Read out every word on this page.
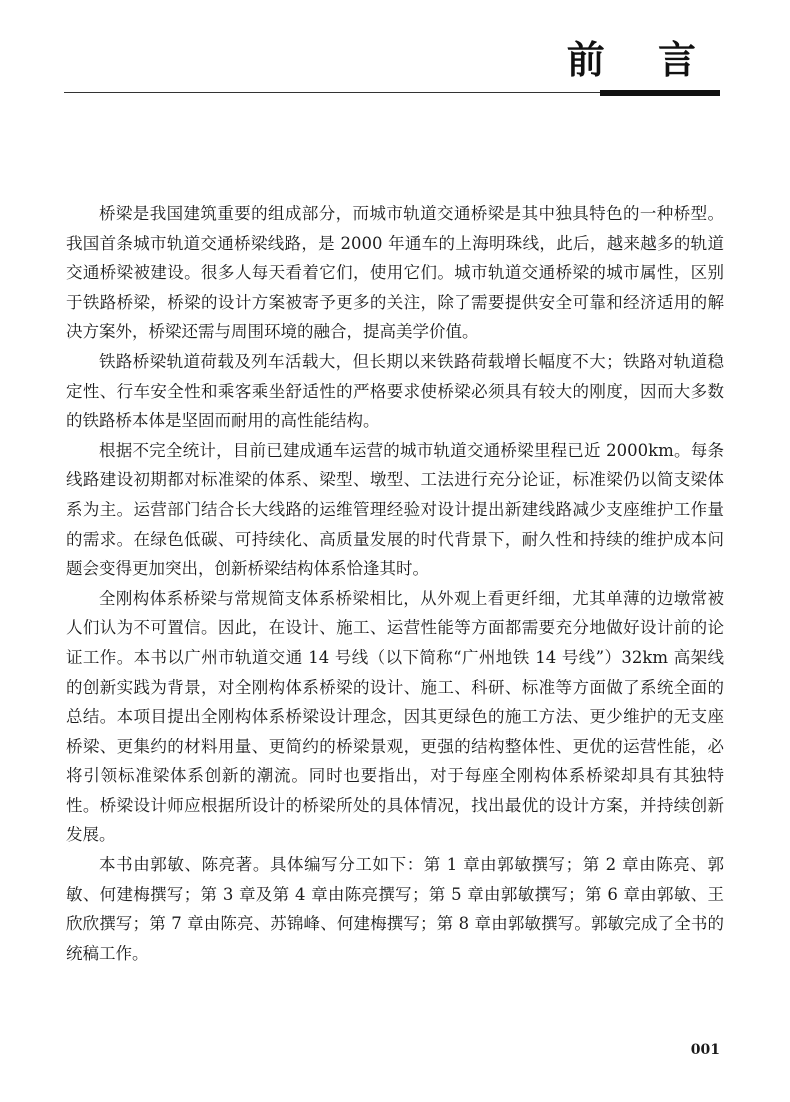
前 言

桥梁是我国建筑重要的组成部分，而城市轨道交通桥梁是其中独具特色的一种桥型。我国首条城市轨道交通桥梁线路，是 2000 年通车的上海明珠线，此后，越来越多的轨道交通桥梁被建设。很多人每天看着它们，使用它们。城市轨道交通桥梁的城市属性，区别于铁路桥梁，桥梁的设计方案被寄予更多的关注，除了需要提供安全可靠和经济适用的解决方案外，桥梁还需与周围环境的融合，提高美学价值。

铁路桥梁轨道荷载及列车活载大，但长期以来铁路荷载增长幅度不大；铁路对轨道稳定性、行车安全性和乘客乘坐舒适性的严格要求使桥梁必须具有较大的刚度，因而大多数的铁路桥本体是坚固而耐用的高性能结构。

根据不完全统计，目前已建成通车运营的城市轨道交通桥梁里程已近 2000km。每条线路建设初期都对标准梁的体系、梁型、墩型、工法进行充分论证，标准梁仍以简支梁体系为主。运营部门结合长大线路的运维管理经验对设计提出新建线路减少支座维护工作量的需求。在绿色低碳、可持续化、高质量发展的时代背景下，耐久性和持续的维护成本问题会变得更加突出，创新桥梁结构体系恰逢其时。

全刚构体系桥梁与常规简支体系桥梁相比，从外观上看更纤细，尤其单薄的边墩常被人们认为不可置信。因此，在设计、施工、运营性能等方面都需要充分地做好设计前的论证工作。本书以广州市轨道交通 14 号线（以下简称“广州地铁 14 号线”）32km 高架线的创新实践为背景，对全刚构体系桥梁的设计、施工、科研、标准等方面做了系统全面的总结。本项目提出全刚构体系桥梁设计理念，因其更绿色的施工方法、更少维护的无支座桥梁、更集约的材料用量、更简约的桥梁景观，更强的结构整体性、更优的运营性能，必将引领标准梁体系创新的潮流。同时也要指出，对于每座全刚构体系桥梁却具有其独特性。桥梁设计师应根据所设计的桥梁所处的具体情况，找出最优的设计方案，并持续创新发展。

本书由郭敏、陈亮著。具体编写分工如下：第 1 章由郭敏撰写；第 2 章由陈亮、郭敏、何建梅撰写；第 3 章及第 4 章由陈亮撰写；第 5 章由郭敏撰写；第 6 章由郭敏、王欣欣撰写；第 7 章由陈亮、苏锦峰、何建梅撰写；第 8 章由郭敏撰写。郭敏完成了全书的统稿工作。

001
